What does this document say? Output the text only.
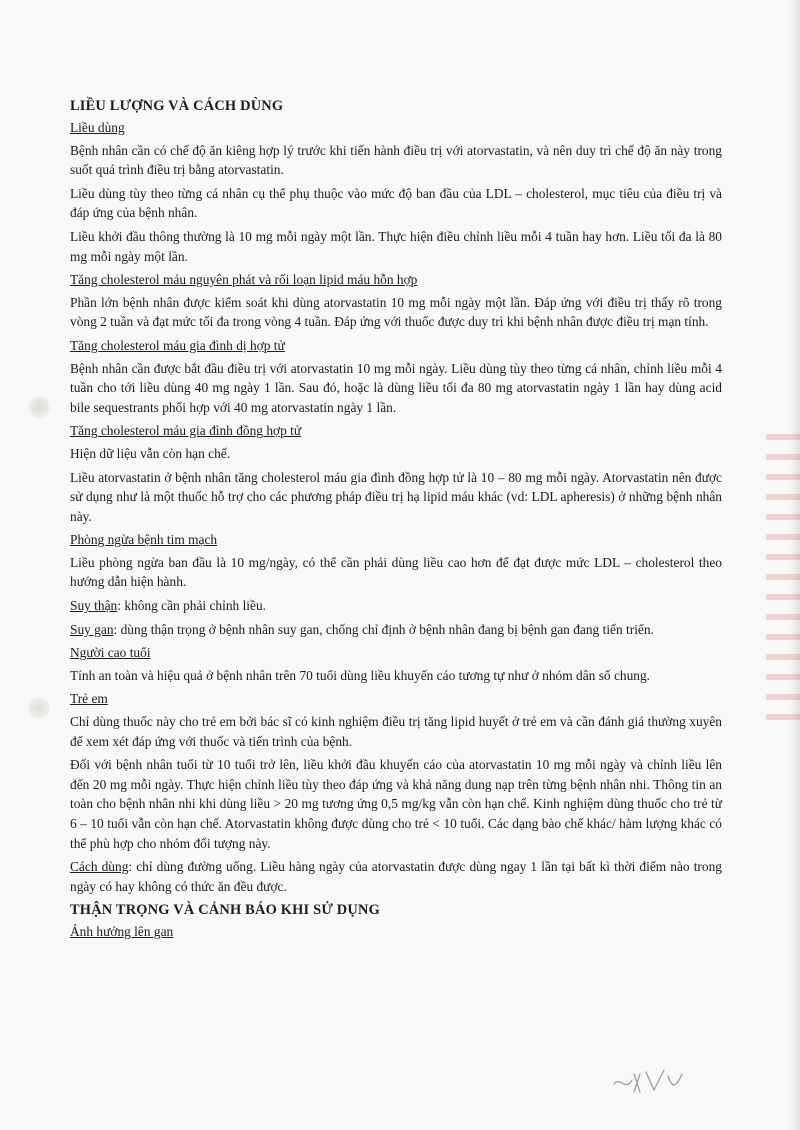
LIỀU LƯỢNG VÀ CÁCH DÙNG
Liều dùng

Bệnh nhân cần có chế độ ăn kiêng hợp lý trước khi tiến hành điều trị với atorvastatin, và nên duy trì chế độ ăn này trong suốt quá trình điều trị bằng atorvastatin.

Liều dùng tùy theo từng cá nhân cụ thể phụ thuộc vào mức độ ban đầu của LDL – cholesterol, mục tiêu của điều trị và đáp ứng của bệnh nhân.

Liều khởi đầu thông thường là 10 mg mỗi ngày một lần. Thực hiện điều chỉnh liều mỗi 4 tuần hay hơn. Liều tối đa là 80 mg mỗi ngày một lần.

Tăng cholesterol máu nguyên phát và rối loạn lipid máu hỗn hợp

Phần lớn bệnh nhân được kiểm soát khi dùng atorvastatin 10 mg mỗi ngày một lần. Đáp ứng với điều trị thấy rõ trong vòng 2 tuần và đạt mức tối đa trong vòng 4 tuần. Đáp ứng với thuốc được duy trì khi bệnh nhân được điều trị mạn tính.

Tăng cholesterol máu gia đình dị hợp tử

Bệnh nhân cần được bắt đầu điều trị với atorvastatin 10 mg mỗi ngày. Liều dùng tùy theo từng cá nhân, chỉnh liều mỗi 4 tuần cho tới liều dùng 40 mg ngày 1 lần. Sau đó, hoặc là dùng liều tối đa 80 mg atorvastatin ngày 1 lần hay dùng acid bile sequestrants phối hợp với 40 mg atorvastatin ngày 1 lần.

Tăng cholesterol máu gia đình đồng hợp tử

Hiện dữ liệu vẫn còn hạn chế.

Liều atorvastatin ở bệnh nhân tăng cholesterol máu gia đình đồng hợp tử là 10 – 80 mg mỗi ngày. Atorvastatin nên được sử dụng như là một thuốc hỗ trợ cho các phương pháp điều trị hạ lipid máu khác (vd: LDL apheresis) ở những bệnh nhân này.

Phòng ngừa bệnh tim mạch

Liều phòng ngừa ban đầu là 10 mg/ngày, có thể cần phải dùng liều cao hơn để đạt được mức LDL – cholesterol theo hướng dẫn hiện hành.

Suy thận: không cần phải chỉnh liều.

Suy gan: dùng thận trọng ở bệnh nhân suy gan, chống chỉ định ở bệnh nhân đang bị bệnh gan đang tiến triển.

Người cao tuổi

Tính an toàn và hiệu quả ở bệnh nhân trên 70 tuổi dùng liều khuyến cáo tương tự như ở nhóm dân số chung.

Trẻ em

Chỉ dùng thuốc này cho trẻ em bởi bác sĩ có kinh nghiệm điều trị tăng lipid huyết ở trẻ em và cần đánh giá thường xuyên để xem xét đáp ứng với thuốc và tiến trình của bệnh.

Đối với bệnh nhân tuổi từ 10 tuổi trở lên, liều khởi đầu khuyến cáo của atorvastatin 10 mg mỗi ngày và chỉnh liều lên đến 20 mg mỗi ngày. Thực hiện chỉnh liều tùy theo đáp ứng và khả năng dung nạp trên từng bệnh nhân nhi. Thông tin an toàn cho bệnh nhân nhi khi dùng liều > 20 mg tương ứng 0,5 mg/kg vẫn còn hạn chế. Kinh nghiệm dùng thuốc cho trẻ từ 6 – 10 tuổi vẫn còn hạn chế. Atorvastatin không được dùng cho trẻ < 10 tuổi. Các dạng bào chế khác/ hàm lượng khác có thể phù hợp cho nhóm đối tượng này.

Cách dùng: chỉ dùng đường uống. Liều hàng ngày của atorvastatin được dùng ngay 1 lần tại bất kì thời điểm nào trong ngày có hay không có thức ăn đều được.

THẬN TRỌNG VÀ CẢNH BÁO KHI SỬ DỤNG
Ảnh hưởng lên gan
